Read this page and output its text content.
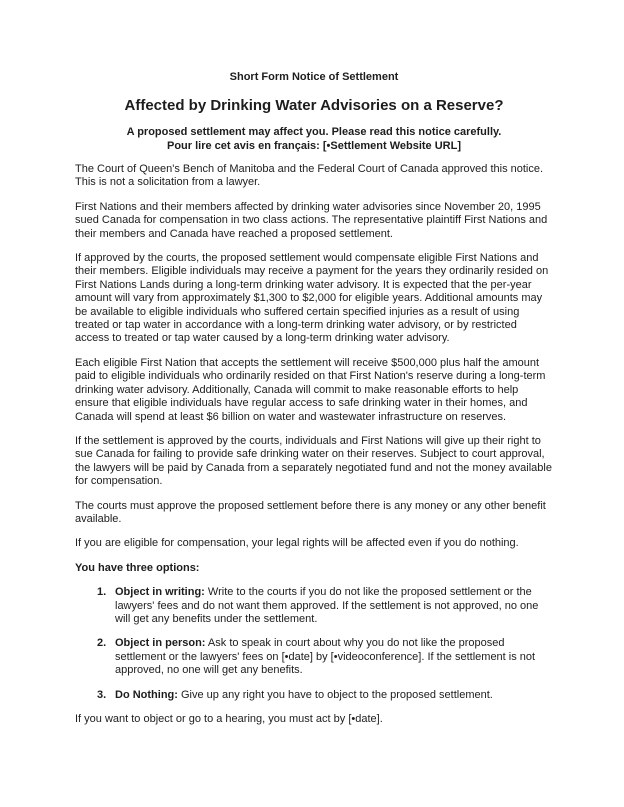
Short Form Notice of Settlement
Affected by Drinking Water Advisories on a Reserve?
A proposed settlement may affect you. Please read this notice carefully.
Pour lire cet avis en français: [•Settlement Website URL]

The Court of Queen's Bench of Manitoba and the Federal Court of Canada approved this notice. This is not a solicitation from a lawyer.

First Nations and their members affected by drinking water advisories since November 20, 1995 sued Canada for compensation in two class actions. The representative plaintiff First Nations and their members and Canada have reached a proposed settlement.

If approved by the courts, the proposed settlement would compensate eligible First Nations and their members. Eligible individuals may receive a payment for the years they ordinarily resided on First Nations Lands during a long-term drinking water advisory. It is expected that the per-year amount will vary from approximately $1,300 to $2,000 for eligible years. Additional amounts may be available to eligible individuals who suffered certain specified injuries as a result of using treated or tap water in accordance with a long-term drinking water advisory, or by restricted access to treated or tap water caused by a long-term drinking water advisory.

Each eligible First Nation that accepts the settlement will receive $500,000 plus half the amount paid to eligible individuals who ordinarily resided on that First Nation's reserve during a long-term drinking water advisory. Additionally, Canada will commit to make reasonable efforts to help ensure that eligible individuals have regular access to safe drinking water in their homes, and Canada will spend at least $6 billion on water and wastewater infrastructure on reserves.

If the settlement is approved by the courts, individuals and First Nations will give up their right to sue Canada for failing to provide safe drinking water on their reserves. Subject to court approval, the lawyers will be paid by Canada from a separately negotiated fund and not the money available for compensation.

The courts must approve the proposed settlement before there is any money or any other benefit available.

If you are eligible for compensation, your legal rights will be affected even if you do nothing.

You have three options:
1. Object in writing: Write to the courts if you do not like the proposed settlement or the lawyers' fees and do not want them approved. If the settlement is not approved, no one will get any benefits under the settlement.
2. Object in person: Ask to speak in court about why you do not like the proposed settlement or the lawyers' fees on [•date] by [•videoconference]. If the settlement is not approved, no one will get any benefits.
3. Do Nothing: Give up any right you have to object to the proposed settlement.

If you want to object or go to a hearing, you must act by [•date].
